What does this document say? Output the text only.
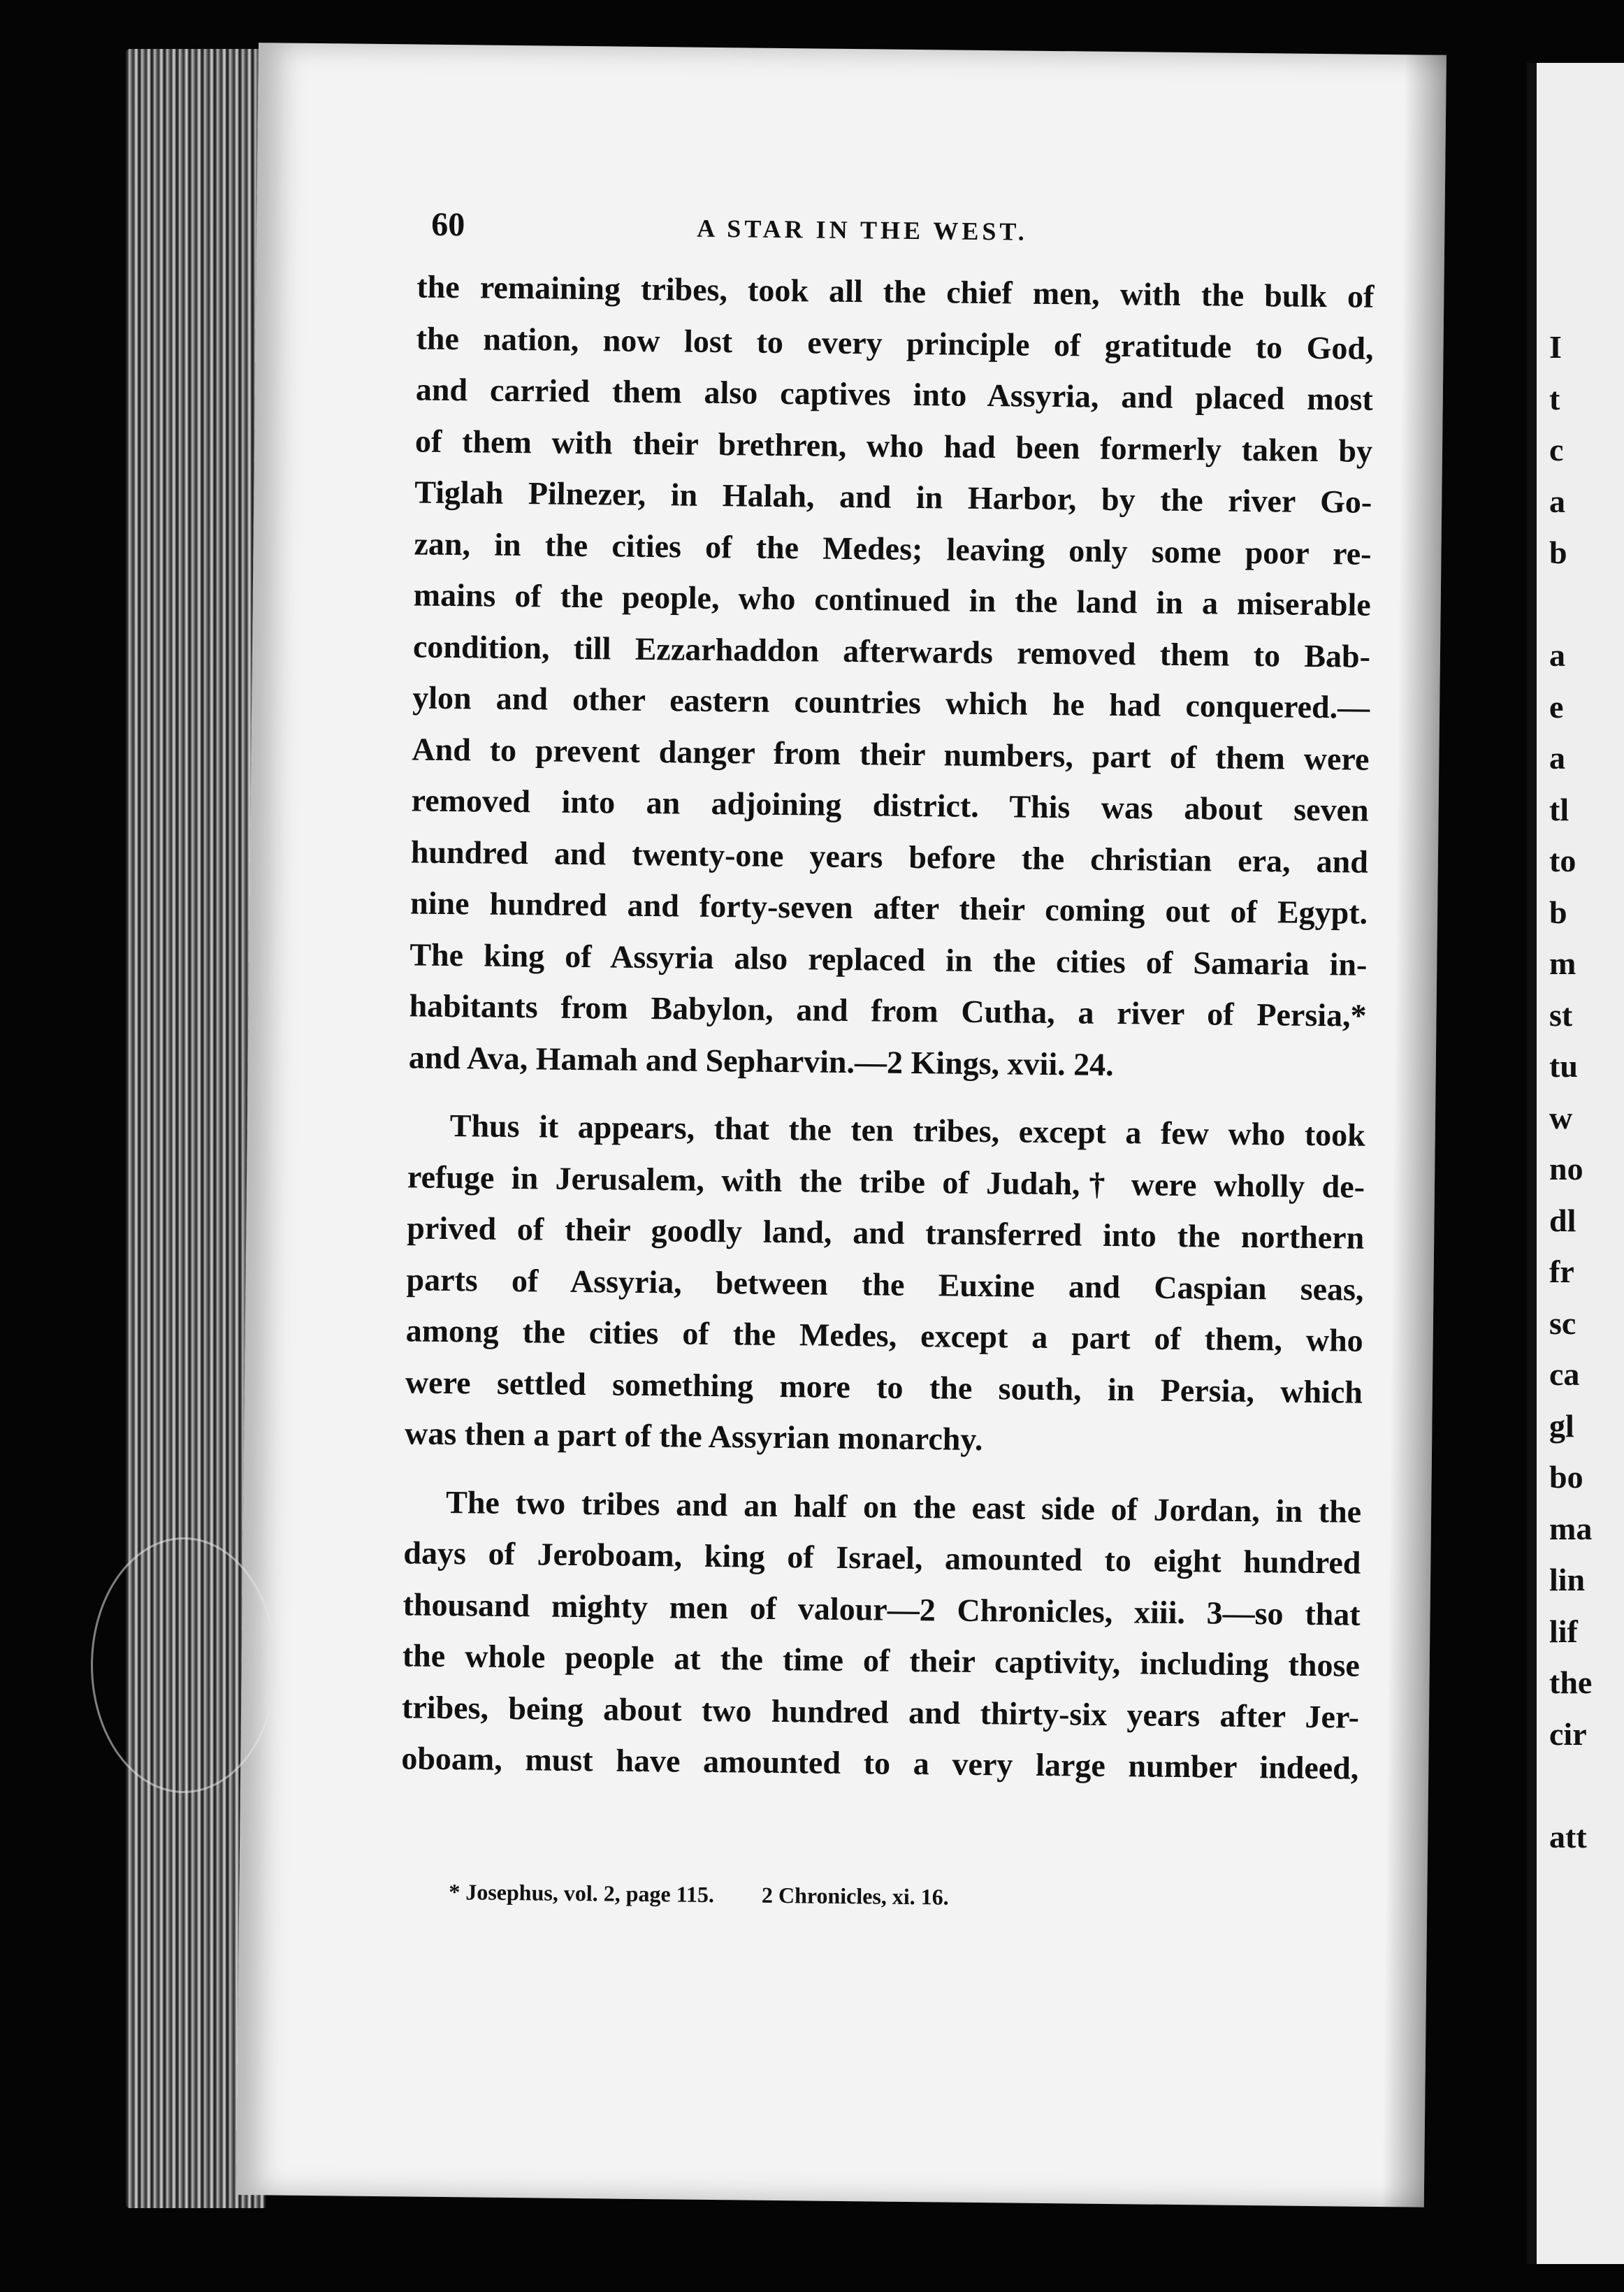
60	A STAR IN THE WEST.
the remaining tribes, took all the chief men, with the bulk of
the nation, now lost to every principle of gratitude to God,
and carried them also captives into Assyria, and placed most
of them with their brethren, who had been formerly taken by
Tiglah Pilnezer, in Halah, and in Harbor, by the river Go-
zan, in the cities of the Medes; leaving only some poor re-
mains of the people, who continued in the land in a miserable
condition, till Ezzarhaddon afterwards removed them to Bab-
ylon and other eastern countries which he had conquered.—
And to prevent danger from their numbers, part of them were
removed into an adjoining district. This was about seven
hundred and twenty-one years before the christian era, and
nine hundred and forty-seven after their coming out of Egypt.
The king of Assyria also replaced in the cities of Samaria in-
habitants from Babylon, and from Cutha, a river of Persia,*
and Ava, Hamah and Sepharvin.—2 Kings, xvii. 24.
Thus it appears, that the ten tribes, except a few who took
refuge in Jerusalem, with the tribe of Judah,† were wholly de-
prived of their goodly land, and transferred into the northern
parts of Assyria, between the Euxine and Caspian seas,
among the cities of the Medes, except a part of them, who
were settled something more to the south, in Persia, which
was then a part of the Assyrian monarchy.
The two tribes and an half on the east side of Jordan, in the
days of Jeroboam, king of Israel, amounted to eight hundred
thousand mighty men of valour—2 Chronicles, xiii. 3—so that
the whole people at the time of their captivity, including those
tribes, being about two hundred and thirty-six years after Jer-
oboam, must have amounted to a very large number indeed,
* Josephus, vol. 2, page 115. 2 Chronicles, xi. 16.
I
t
c
a
b
a
e
a
tl
to
b
m
st
tu
w
no
dl
fr
sc
ca
gl
bo
ma
lin
lif
the
cir
att
